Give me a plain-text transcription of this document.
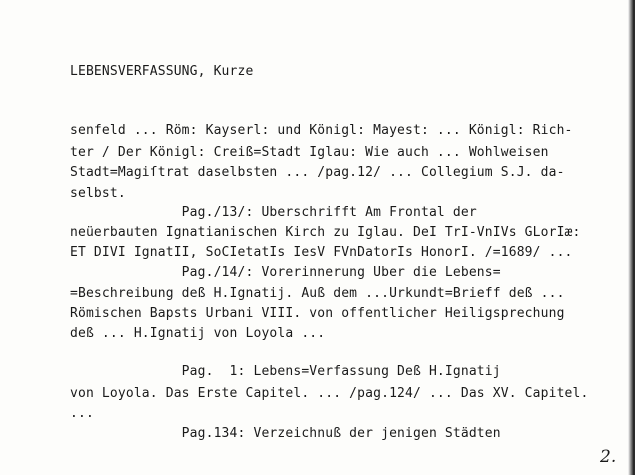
LEBENSVERFASSUNG, Kurze
senfeld ... Röm: Kayserl: und Königl: Mayest: ... Königl: Rich-
ter / Der Königl: Creiß=Stadt Iglau: Wie auch ... Wohlweisen
Stadt=Magiſtrat daselbsten ... /pag.12/ ... Collegium S.J. da-
selbst.
Pag./13/: Uberschrifft Am Frontal der
neüerbauten Ignatianischen Kirch zu Iglau. DeI TrI-VnIVs GLorIæ:
ET DIVI IgnatII, SoCIetatIs IesV FVnDatorIs HonorI. /=1689/ ...
Pag./14/: Vorerinnerung Uber die Lebens=
=Beschreibung deß H.Ignatij. Auß dem ...Urkundt=Brieff deß ...
Römischen Bapsts Urbani VIII. von offentlicher Heiligsprechung
deß ... H.Ignatij von Loyola ...
Pag.  1: Lebens=Verfassung Deß H.Ignatij
von Loyola. Das Erste Capitel. ... /pag.124/ ... Das XV. Capitel.
...
Pag.134: Verzeichnuß der jenigen Städten
2.
